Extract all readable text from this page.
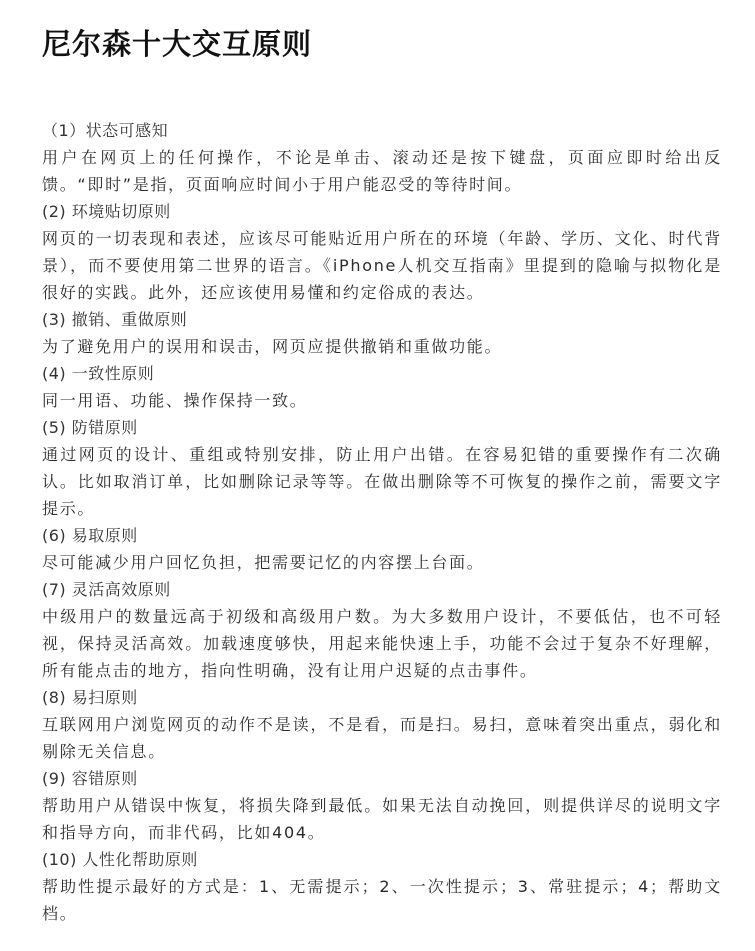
尼尔森十大交互原则

（1）状态可感知

用户在网页上的任何操作，不论是单击、滚动还是按下键盘，页面应即时给出反馈。“即时”是指，页面响应时间小于用户能忍受的等待时间。

(2) 环境贴切原则

网页的一切表现和表述，应该尽可能贴近用户所在的环境（年龄、学历、文化、时代背景），而不要使用第二世界的语言。《iPhone人机交互指南》里提到的隐喻与拟物化是很好的实践。此外，还应该使用易懂和约定俗成的表达。

(3) 撤销、重做原则

为了避免用户的误用和误击，网页应提供撤销和重做功能。

(4) 一致性原则

同一用语、功能、操作保持一致。

(5) 防错原则

通过网页的设计、重组或特别安排，防止用户出错。在容易犯错的重要操作有二次确认。比如取消订单，比如删除记录等等。在做出删除等不可恢复的操作之前，需要文字提示。

(6) 易取原则

尽可能减少用户回忆负担，把需要记忆的内容摆上台面。

(7) 灵活高效原则

中级用户的数量远高于初级和高级用户数。为大多数用户设计，不要低估，也不可轻视，保持灵活高效。加载速度够快，用起来能快速上手，功能不会过于复杂不好理解，所有能点击的地方，指向性明确，没有让用户迟疑的点击事件。

(8) 易扫原则

互联网用户浏览网页的动作不是读，不是看，而是扫。易扫，意味着突出重点，弱化和剔除无关信息。

(9) 容错原则

帮助用户从错误中恢复，将损失降到最低。如果无法自动挽回，则提供详尽的说明文字和指导方向，而非代码，比如404。

(10) 人性化帮助原则

帮助性提示最好的方式是：1、无需提示；2、一次性提示；3、常驻提示；4；帮助文档。
